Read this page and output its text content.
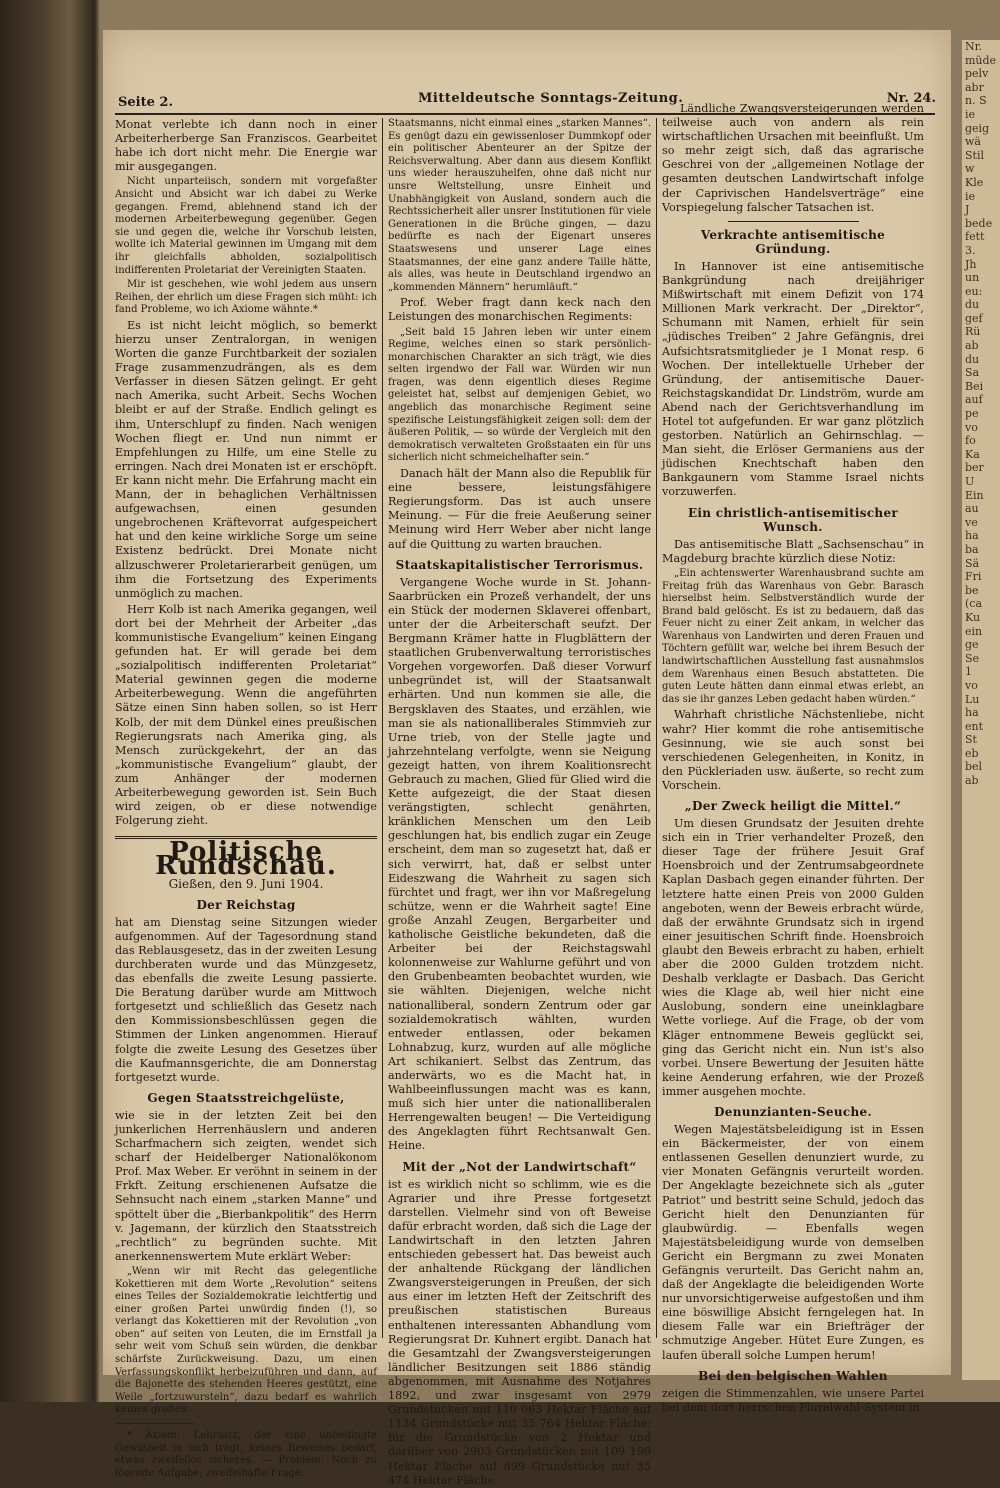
Nr.
müde
pelv
abr
n. S
ie
geig
wä
Stil
w
Kle
ie
J
bede
fett
3.
Jh
un
eu:
du
gef
Rü
ab
du
Sa
Bei
auf
pe
vo
fo
Ka
ber
U
Ein
au
ve
ha
ba
Sä
Fri
be
(ca
Ku
ein
ge
Se
1
vo
Lu
ha
ent
St
eb
bel
ab
Seite 2.	Mitteldeutsche Sonntags-Zeitung.	Nr. 24.

Monat verlebte ich dann noch in einer Arbeiterherberge San Franziscos. Gearbeitet habe ich dort nicht mehr. Die Energie war mir ausgegangen.

Nicht unparteiisch, sondern mit vorgefaßter Ansicht und Absicht war ich dabei zu Werke gegangen. Fremd, ablehnend stand ich der modernen Arbeiterbewegung gegenüber. Gegen sie und gegen die, welche ihr Vorschub leisten, wollte ich Material gewinnen im Umgang mit dem ihr gleichfalls abholden, sozialpolitisch indifferenten Proletariat der Vereinigten Staaten.

Mir ist geschehen, wie wohl jedem aus unsern Reihen, der ehrlich um diese Fragen sich müht: ich fand Probleme, wo ich Axiome wähnte.*

Es ist nicht leicht möglich, so bemerkt hierzu unser Zentralorgan, in wenigen Worten die ganze Furchtbarkeit der sozialen Frage zusammenzudrängen, als es dem Verfasser in diesen Sätzen gelingt. Er geht nach Amerika, sucht Arbeit. Sechs Wochen bleibt er auf der Straße. Endlich gelingt es ihm, Unterschlupf zu finden. Nach wenigen Wochen fliegt er. Und nun nimmt er Empfehlungen zu Hilfe, um eine Stelle zu erringen. Nach drei Monaten ist er erschöpft. Er kann nicht mehr. Die Erfahrung macht ein Mann, der in behaglichen Verhältnissen aufgewachsen, einen gesunden ungebrochenen Kräftevorrat aufgespeichert hat und den keine wirkliche Sorge um seine Existenz bedrückt. Drei Monate nicht allzuschwerer Proletarierarbeit genügen, um ihm die Fortsetzung des Experiments unmöglich zu machen.

Herr Kolb ist nach Amerika gegangen, weil dort bei der Mehrheit der Arbeiter „das kommunistische Evangelium“ keinen Eingang gefunden hat. Er will gerade bei dem „sozialpolitisch indifferenten Proletariat“ Material gewinnen gegen die moderne Arbeiterbewegung. Wenn die angeführten Sätze einen Sinn haben sollen, so ist Herr Kolb, der mit dem Dünkel eines preußischen Regierungsrats nach Amerika ging, als Mensch zurückgekehrt, der an das „kommunistische Evangelium“ glaubt, der zum Anhänger der modernen Arbeiterbewegung geworden ist. Sein Buch wird zeigen, ob er diese notwendige Folgerung zieht.

Politische Rundschau.
Gießen, den 9. Juni 1904.
Der Reichstag

hat am Dienstag seine Sitzungen wieder aufgenommen. Auf der Tagesordnung stand das Reblausgesetz, das in der zweiten Lesung durchberaten wurde und das Münzgesetz, das ebenfalls die zweite Lesung passierte. Die Beratung darüber wurde am Mittwoch fortgesetzt und schließlich das Gesetz nach den Kommissionsbeschlüssen gegen die Stimmen der Linken angenommen. Hierauf folgte die zweite Lesung des Gesetzes über die Kaufmannsgerichte, die am Donnerstag fortgesetzt wurde.

Gegen Staatsstreichgelüste,

wie sie in der letzten Zeit bei den junkerlichen Herrenhäuslern und anderen Scharfmachern sich zeigten, wendet sich scharf der Heidelberger Nationalökonom Prof. Max Weber. Er veröhnt in seinem in der Frkft. Zeitung erschienenen Aufsatze die Sehnsucht nach einem „starken Manne“ und spöttelt über die „Bierbankpolitik“ des Herrn v. Jagemann, der kürzlich den Staatsstreich „rechtlich“ zu begründen suchte. Mit anerkennenswertem Mute erklärt Weber:

„Wenn wir mit Recht das gelegentliche Kokettieren mit dem Worte „Revolution“ seitens eines Teiles der Sozialdemokratie leichtfertig und einer großen Partei unwürdig finden (!), so verlangt das Kokettieren mit der Revolution „von oben“ auf seiten von Leuten, die im Ernstfall ja sehr weit vom Schuß sein würden, die denkbar schärfste Zurückweisung. Dazu, um einen Verfassungskonflikt herbeizuführen und dann, auf die Bajonette des stehenden Heeres gestützt, eine Weile „fortzuwursteln“, dazu bedarf es wahrlich keines großen

* Axiom: Lehrsatz, der eine unbedingte Gewißheit in sich trägt, keines Beweises bedarf, etwas zweifellos sicheres. — Problem: Noch zu lösende Aufgabe; zweifelhafte Frage.

Staatsmanns, nicht einmal eines „starken Mannes“. Es genügt dazu ein gewissenloser Dummkopf oder ein politischer Abenteurer an der Spitze der Reichsverwaltung. Aber dann aus diesem Konflikt uns wieder herauszuhelfen, ohne daß nicht nur unsre Weltstellung, unsre Einheit und Unabhängigkeit von Ausland, sondern auch die Rechtssicherheit aller unsrer Institutionen für viele Generationen in die Brüche gingen, — dazu bedürfte es nach der Eigenart unseres Staatswesens und unserer Lage eines Staatsmannes, der eine ganz andere Taille hätte, als alles, was heute in Deutschland irgendwo an „kommenden Männern“ herumläuft.“

Prof. Weber fragt dann keck nach den Leistungen des monarchischen Regiments:

„Seit bald 15 Jahren leben wir unter einem Regime, welches einen so stark persönlich-monarchischen Charakter an sich trägt, wie dies selten irgendwo der Fall war. Würden wir nun fragen, was denn eigentlich dieses Regime geleistet hat, selbst auf demjenigen Gebiet, wo angeblich das monarchische Regiment seine spezifische Leistungsfähigkeit zeigen soll: dem der äußeren Politik, — so würde der Vergleich mit den demokratisch verwalteten Großstaaten ein für uns sicherlich nicht schmeichelhafter sein.“

Danach hält der Mann also die Republik für eine bessere, leistungsfähigere Regierungsform. Das ist auch unsere Meinung. — Für die freie Aeußerung seiner Meinung wird Herr Weber aber nicht lange auf die Quittung zu warten brauchen.

Staatskapitalistischer Terrorismus.

Vergangene Woche wurde in St. Johann-Saarbrücken ein Prozeß verhandelt, der uns ein Stück der modernen Sklaverei offenbart, unter der die Arbeiterschaft seufzt. Der Bergmann Krämer hatte in Flugblättern der staatlichen Grubenverwaltung terroristisches Vorgehen vorgeworfen. Daß dieser Vorwurf unbegründet ist, will der Staatsanwalt erhärten. Und nun kommen sie alle, die Bergsklaven des Staates, und erzählen, wie man sie als nationalliberales Stimmvieh zur Urne trieb, von der Stelle jagte und jahrzehntelang verfolgte, wenn sie Neigung gezeigt hatten, von ihrem Koalitionsrecht Gebrauch zu machen, Glied für Glied wird die Kette aufgezeigt, die der Staat diesen verängstigten, schlecht genährten, kränklichen Menschen um den Leib geschlungen hat, bis endlich zugar ein Zeuge erscheint, dem man so zugesetzt hat, daß er sich verwirrt, hat, daß er selbst unter Eideszwang die Wahrheit zu sagen sich fürchtet und fragt, wer ihn vor Maßregelung schütze, wenn er die Wahrheit sagte! Eine große Anzahl Zeugen, Bergarbeiter und katholische Geistliche bekundeten, daß die Arbeiter bei der Reichstagswahl kolonnenweise zur Wahlurne geführt und von den Grubenbeamten beobachtet wurden, wie sie wählten. Diejenigen, welche nicht nationalliberal, sondern Zentrum oder gar sozialdemokratisch wählten, wurden entweder entlassen, oder bekamen Lohnabzug, kurz, wurden auf alle mögliche Art schikaniert. Selbst das Zentrum, das anderwärts, wo es die Macht hat, in Wahlbeeinflussungen macht was es kann, muß sich hier unter die nationalliberalen Herrengewalten beugen! — Die Verteidigung des Angeklagten führt Rechtsanwalt Gen. Heine.

Mit der „Not der Landwirtschaft“

ist es wirklich nicht so schlimm, wie es die Agrarier und ihre Presse fortgesetzt darstellen. Vielmehr sind von oft Beweise dafür erbracht worden, daß sich die Lage der Landwirtschaft in den letzten Jahren entschieden gebessert hat. Das beweist auch der anhaltende Rückgang der ländlichen Zwangsversteigerungen in Preußen, der sich aus einer im letzten Heft der Zeitschrift des preußischen statistischen Bureaus enthaltenen interessanten Abhandlung vom Regierungsrat Dr. Kuhnert ergibt. Danach hat die Gesamtzahl der Zwangsversteigerungen ländlicher Besitzungen seit 1886 ständig abgenommen, mit Ausnahme des Notjahres 1892, und zwar insgesamt von 2979 Grundstücken mit 110 063 Hektar Fläche auf 1134 Grundstücke mit 35 764 Hektar Fläche: für die Grundstücke von 2 Hektar und darüber von 2903 Grundstücken mit 109 190 Hektar Fläche auf 899 Grundstücke mit 35 474 Hektar Fläche.

Ländliche Zwangsversteigerungen werden teilweise auch von andern als rein wirtschaftlichen Ursachen mit beeinflußt. Um so mehr zeigt sich, daß das agrarische Geschrei von der „allgemeinen Notlage der gesamten deutschen Landwirtschaft infolge der Caprivischen Handelsverträge“ eine Vorspiegelung falscher Tatsachen ist.

Verkrachte antisemitische Gründung.

In Hannover ist eine antisemitische Bankgründung nach dreijähriger Mißwirtschaft mit einem Defizit von 174 Millionen Mark verkracht. Der „Direktor“, Schumann mit Namen, erhielt für sein „jüdisches Treiben“ 2 Jahre Gefängnis, drei Aufsichtsratsmitglieder je 1 Monat resp. 6 Wochen. Der intellektuelle Urheber der Gründung, der antisemitische Dauer-Reichstagskandidat Dr. Lindström, wurde am Abend nach der Gerichtsverhandlung im Hotel tot aufgefunden. Er war ganz plötzlich gestorben. Natürlich an Gehirnschlag. — Man sieht, die Erlöser Germaniens aus der jüdischen Knechtschaft haben den Bankgaunern vom Stamme Israel nichts vorzuwerfen.

Ein christlich-antisemitischer Wunsch.

Das antisemitische Blatt „Sachsenschau“ in Magdeburg brachte kürzlich diese Notiz:

„Ein achtenswerter Warenhausbrand suchte am Freitag früh das Warenhaus von Gebr. Barasch hierselbst heim. Selbstverständlich wurde der Brand bald gelöscht. Es ist zu bedauern, daß das Feuer nicht zu einer Zeit ankam, in welcher das Warenhaus von Landwirten und deren Frauen und Töchtern gefüllt war, welche bei ihrem Besuch der landwirtschaftlichen Ausstellung fast ausnahmslos dem Warenhaus einen Besuch abstatteten. Die guten Leute hätten dann einmal etwas erlebt, an das sie ihr ganzes Leben gedacht haben würden.“

Wahrhaft christliche Nächstenliebe, nicht wahr? Hier kommt die rohe antisemitische Gesinnung, wie sie auch sonst bei verschiedenen Gelegenheiten, in Konitz, in den Pückleriaden usw. äußerte, so recht zum Vorschein.

„Der Zweck heiligt die Mittel.“

Um diesen Grundsatz der Jesuiten drehte sich ein in Trier verhandelter Prozeß, den dieser Tage der frühere Jesuit Graf Hoensbroich und der Zentrumsabgeordnete Kaplan Dasbach gegen einander führten. Der letztere hatte einen Preis von 2000 Gulden angeboten, wenn der Beweis erbracht würde, daß der erwähnte Grundsatz sich in irgend einer jesuitischen Schrift finde. Hoensbroich glaubt den Beweis erbracht zu haben, erhielt aber die 2000 Gulden trotzdem nicht. Deshalb verklagte er Dasbach. Das Gericht wies die Klage ab, weil hier nicht eine Auslobung, sondern eine uneinklagbare Wette vorliege. Auf die Frage, ob der vom Kläger entnommene Beweis geglückt sei, ging das Gericht nicht ein. Nun ist's also vorbei. Unsere Bewertung der Jesuiten hätte keine Aenderung erfahren, wie der Prozeß immer ausgehen mochte.

Denunzianten-Seuche.

Wegen Majestätsbeleidigung ist in Essen ein Bäckermeister, der von einem entlassenen Gesellen denunziert wurde, zu vier Monaten Gefängnis verurteilt worden. Der Angeklagte bezeichnete sich als „guter Patriot“ und bestritt seine Schuld, jedoch das Gericht hielt den Denunzianten für glaubwürdig. — Ebenfalls wegen Majestätsbeleidigung wurde von demselben Gericht ein Bergmann zu zwei Monaten Gefängnis verurteilt. Das Gericht nahm an, daß der Angeklagte die beleidigenden Worte nur unvorsichtigerweise aufgestoßen und ihm eine böswillige Absicht ferngelegen hat. In diesem Falle war ein Briefträger der schmutzige Angeber. Hütet Eure Zungen, es laufen überall solche Lumpen herum!

Bei den belgischen Wahlen

zeigen die Stimmenzahlen, wie unsere Partei bei dem dort herrschen Pluralwahl-System in
